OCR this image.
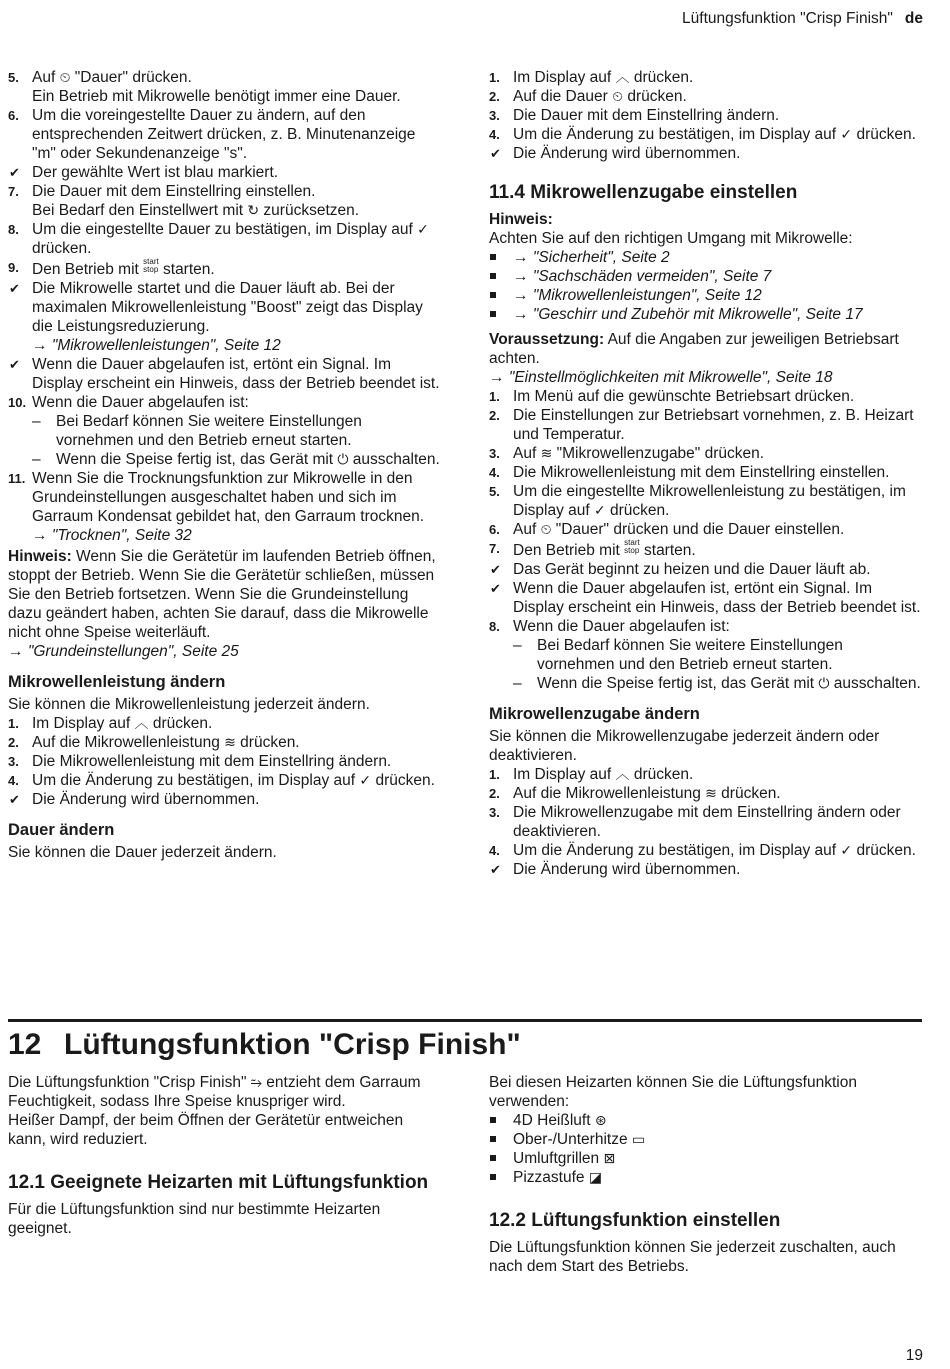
Lüftungsfunktion "Crisp Finish" de
5. Auf ⏲ "Dauer" drücken.
Ein Betrieb mit Mikrowelle benötigt immer eine Dauer.
6. Um die voreingestellte Dauer zu ändern, auf den entsprechenden Zeitwert drücken, z. B. Minutenanzeige "m" oder Sekundenanzeige "s".
✔ Der gewählte Wert ist blau markiert.
7. Die Dauer mit dem Einstellring einstellen.
Bei Bedarf den Einstellwert mit ↻ zurücksetzen.
8. Um die eingestellte Dauer zu bestätigen, im Display auf ✓ drücken.
9. Den Betrieb mit start
stop starten.
✔ Die Mikrowelle startet und die Dauer läuft ab. Bei der maximalen Mikrowellenleistung "Boost" zeigt das Display die Leistungsreduzierung.
→ "Mikrowellenleistungen", Seite 12
✔ Wenn die Dauer abgelaufen ist, ertönt ein Signal. Im Display erscheint ein Hinweis, dass der Betrieb beendet ist.
10. Wenn die Dauer abgelaufen ist:
– Bei Bedarf können Sie weitere Einstellungen vornehmen und den Betrieb erneut starten.
– Wenn die Speise fertig ist, das Gerät mit ⏻ ausschalten.
11. Wenn Sie die Trocknungsfunktion zur Mikrowelle in den Grundeinstellungen ausgeschaltet haben und sich im Garraum Kondensat gebildet hat, den Garraum trocknen.
→ "Trocknen", Seite 32
Hinweis: Wenn Sie die Gerätetür im laufenden Betrieb öffnen, stoppt der Betrieb. Wenn Sie die Gerätetür schließen, müssen Sie den Betrieb fortsetzen. Wenn Sie die Grundeinstellung dazu geändert haben, achten Sie darauf, dass die Mikrowelle nicht ohne Speise weiterläuft.
→ "Grundeinstellungen", Seite 25
Mikrowellenleistung ändern
Sie können die Mikrowellenleistung jederzeit ändern.
1. Im Display auf ︿ drücken.
2. Auf die Mikrowellenleistung ≋ drücken.
3. Die Mikrowellenleistung mit dem Einstellring ändern.
4. Um die Änderung zu bestätigen, im Display auf ✓ drücken.
✔ Die Änderung wird übernommen.
Dauer ändern
Sie können die Dauer jederzeit ändern.
1. Im Display auf ︿ drücken.
2. Auf die Dauer ⏲ drücken.
3. Die Dauer mit dem Einstellring ändern.
4. Um die Änderung zu bestätigen, im Display auf ✓ drücken.
✔ Die Änderung wird übernommen.
11.4 Mikrowellenzugabe einstellen
Hinweis:
Achten Sie auf den richtigen Umgang mit Mikrowelle:
→ "Sicherheit", Seite 2
→ "Sachschäden vermeiden", Seite 7
→ "Mikrowellenleistungen", Seite 12
→ "Geschirr und Zubehör mit Mikrowelle", Seite 17
Voraussetzung: Auf die Angaben zur jeweiligen Betriebsart achten.
→ "Einstellmöglichkeiten mit Mikrowelle", Seite 18
1. Im Menü auf die gewünschte Betriebsart drücken.
2. Die Einstellungen zur Betriebsart vornehmen, z. B. Heizart und Temperatur.
3. Auf ≋ "Mikrowellenzugabe" drücken.
4. Die Mikrowellenleistung mit dem Einstellring einstellen.
5. Um die eingestellte Mikrowellenleistung zu bestätigen, im Display auf ✓ drücken.
6. Auf ⏲ "Dauer" drücken und die Dauer einstellen.
7. Den Betrieb mit start
stop starten.
✔ Das Gerät beginnt zu heizen und die Dauer läuft ab.
✔ Wenn die Dauer abgelaufen ist, ertönt ein Signal. Im Display erscheint ein Hinweis, dass der Betrieb beendet ist.
8. Wenn die Dauer abgelaufen ist:
– Bei Bedarf können Sie weitere Einstellungen vornehmen und den Betrieb erneut starten.
– Wenn die Speise fertig ist, das Gerät mit ⏻ ausschalten.
Mikrowellenzugabe ändern
Sie können die Mikrowellenzugabe jederzeit ändern oder deaktivieren.
1. Im Display auf ︿ drücken.
2. Auf die Mikrowellenleistung ≋ drücken.
3. Die Mikrowellenzugabe mit dem Einstellring ändern oder deaktivieren.
4. Um die Änderung zu bestätigen, im Display auf ✓ drücken.
✔ Die Änderung wird übernommen.
12 Lüftungsfunktion "Crisp Finish"
Die Lüftungsfunktion "Crisp Finish" ⥲ entzieht dem Garraum Feuchtigkeit, sodass Ihre Speise knuspriger wird.
Heißer Dampf, der beim Öffnen der Gerätetür entweichen kann, wird reduziert.
12.1 Geeignete Heizarten mit Lüftungsfunktion
Für die Lüftungsfunktion sind nur bestimmte Heizarten geeignet.
Bei diesen Heizarten können Sie die Lüftungsfunktion verwenden:
4D Heißluft ⊛
Ober-/Unterhitze ▭
Umluftgrillen ⊠
Pizzastufe ◪
12.2 Lüftungsfunktion einstellen
Die Lüftungsfunktion können Sie jederzeit zuschalten, auch nach dem Start des Betriebs.
19
